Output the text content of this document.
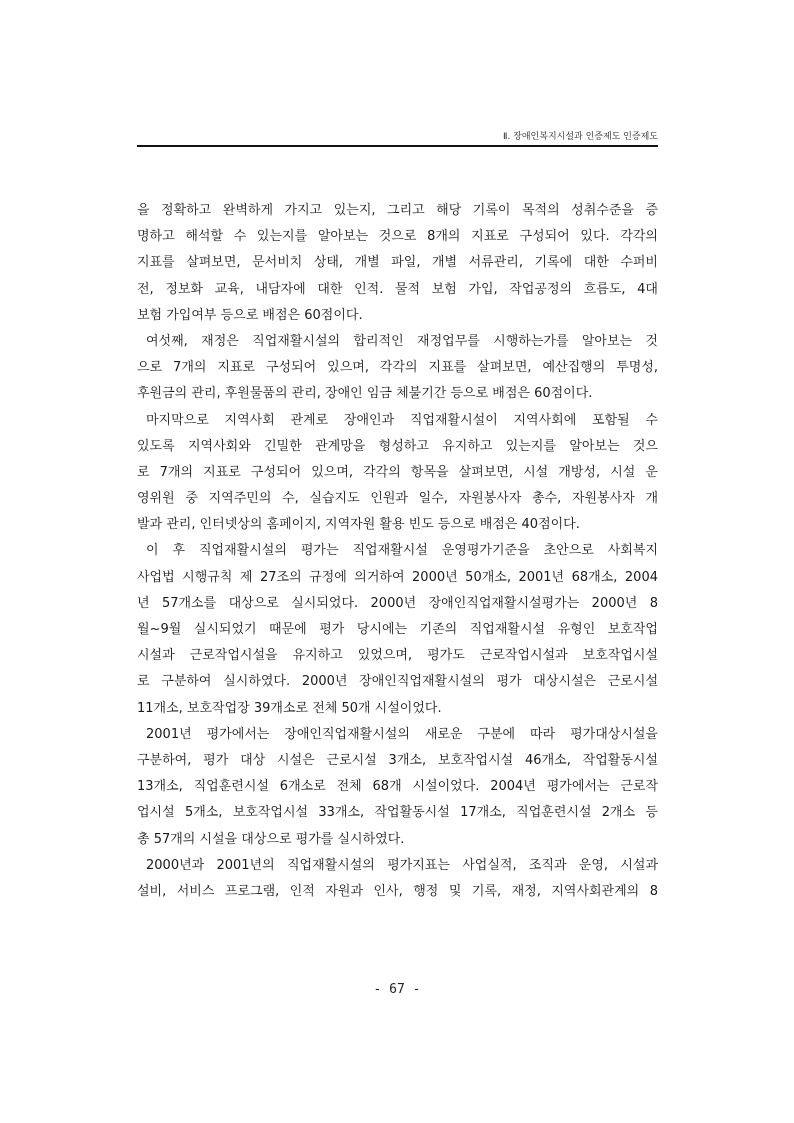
Ⅱ. 장애인복지시설과 인증제도 인증제도
을 정확하고 완벽하게 가지고 있는지, 그리고 해당 기록이 목적의 성취수준을 증
명하고 해석할 수 있는지를 알아보는 것으로 8개의 지표로 구성되어 있다. 각각의
지표를 살펴보면, 문서비치 상태, 개별 파일, 개별 서류관리, 기록에 대한 수퍼비
전, 정보화 교육, 내담자에 대한 인적. 물적 보험 가입, 작업공정의 흐름도, 4대
보험 가입여부 등으로 배점은 60점이다.
여섯째, 재정은 직업재활시설의 합리적인 재정업무를 시행하는가를 알아보는 것
으로 7개의 지표로 구성되어 있으며, 각각의 지표를 살펴보면, 예산집행의 투명성,
후원금의 관리, 후원물품의 관리, 장애인 임금 체불기간 등으로 배점은 60점이다.
마지막으로 지역사회 관계로 장애인과 직업재활시설이 지역사회에 포함될 수
있도록 지역사회와 긴밀한 관계망을 형성하고 유지하고 있는지를 알아보는 것으
로 7개의 지표로 구성되어 있으며, 각각의 항목을 살펴보면, 시설 개방성, 시설 운
영위원 중 지역주민의 수, 실습지도 인원과 일수, 자원봉사자 총수, 자원봉사자 개
발과 관리, 인터넷상의 홈페이지, 지역자원 활용 빈도 등으로 배점은 40점이다.
이 후 직업재활시설의 평가는 직업재활시설 운영평가기준을 초안으로 사회복지
사업법 시행규칙 제 27조의 규정에 의거하여 2000년 50개소, 2001년 68개소, 2004
년 57개소를 대상으로 실시되었다. 2000년 장애인직업재활시설평가는 2000년 8
월~9월 실시되었기 때문에 평가 당시에는 기존의 직업재활시설 유형인 보호작업
시설과 근로작업시설을 유지하고 있었으며, 평가도 근로작업시설과 보호작업시설
로 구분하여 실시하였다. 2000년 장애인직업재활시설의 평가 대상시설은 근로시설
11개소, 보호작업장 39개소로 전체 50개 시설이었다.
2001년 평가에서는 장애인직업재활시설의 새로운 구분에 따라 평가대상시설을
구분하여, 평가 대상 시설은 근로시설 3개소, 보호작업시설 46개소, 작업활동시설
13개소, 직업훈련시설 6개소로 전체 68개 시설이었다. 2004년 평가에서는 근로작
업시설 5개소, 보호작업시설 33개소, 작업활동시설 17개소, 직업훈련시설 2개소 등
총 57개의 시설을 대상으로 평가를 실시하였다.
2000년과 2001년의 직업재활시설의 평가지표는 사업실적, 조직과 운영, 시설과
설비, 서비스 프로그램, 인적 자원과 인사, 행정 및 기록, 재정, 지역사회관계의 8
- 67 -
